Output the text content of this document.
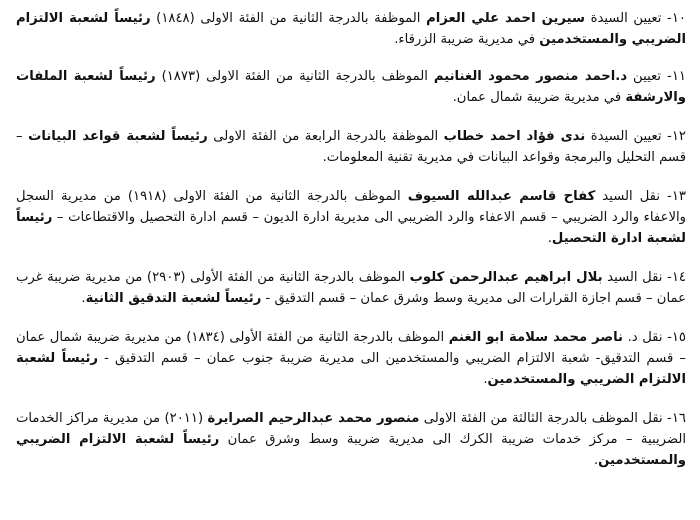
١٠- تعيين السيدة سيرين احمد علي العزام الموظفة بالدرجة الثانية من الفئة الاولى (١٨٤٨) رئيساً لشعبة الالتزام الضريبي والمستخدمين في مديرية ضريبة الزرقاء.

١١- تعيين د.احمد منصور محمود الغنانيم الموظف بالدرجة الثانية من الفئة الاولى (١٨٧٣) رئيساً لشعبة الملفات والارشفة في مديرية ضريبة شمال عمان.

١٢- تعيين السيدة ندى فؤاد احمد خطاب الموظفة بالدرجة الرابعة من الفئة الاولى رئيساً لشعبة قواعد البيانات – قسم التحليل والبرمجة وقواعد البيانات في مديرية تقنية المعلومات.

١٣- نقل السيد كفاح قاسم عبدالله السيوف الموظف بالدرجة الثانية من الفئة الاولى (١٩١٨) من مديرية السجل والاعفاء والرد الضريبي – قسم الاعفاء والرد الضريبي الى مديرية ادارة الديون – قسم ادارة التحصيل والاقتطاعات – رئيساً لشعبة ادارة التحصيل.

١٤- نقل السيد بلال ابراهيم عبدالرحمن كلوب الموظف بالدرجة الثانية من الفئة الأولى (٢٩٠٣) من مديرية ضريبة غرب عمان – قسم اجازة القرارات الى مديرية وسط وشرق عمان – قسم التدقيق - رئيساً لشعبة التدقيق الثانية.

١٥- نقل د. ناصر محمد سلامة ابو الغنم الموظف بالدرجة الثانية من الفئة الأولى (١٨٣٤) من مديرية ضريبة شمال عمان – قسم التدقيق- شعبة الالتزام الضريبي والمستخدمين الى مديرية ضريبة جنوب عمان – قسم التدقيق - رئيساً لشعبة الالتزام الضريبي والمستخدمين.

١٦- نقل الموظف بالدرجة الثالثة من الفئة الاولى منصور محمد عبدالرحيم الصرايرة (٢٠١١) من مديرية مراكز الخدمات الضريبية – مركز خدمات ضريبة الكرك الى مديرية ضريبة وسط وشرق عمان رئيساً لشعبة الالتزام الضريبي والمستخدمين.
